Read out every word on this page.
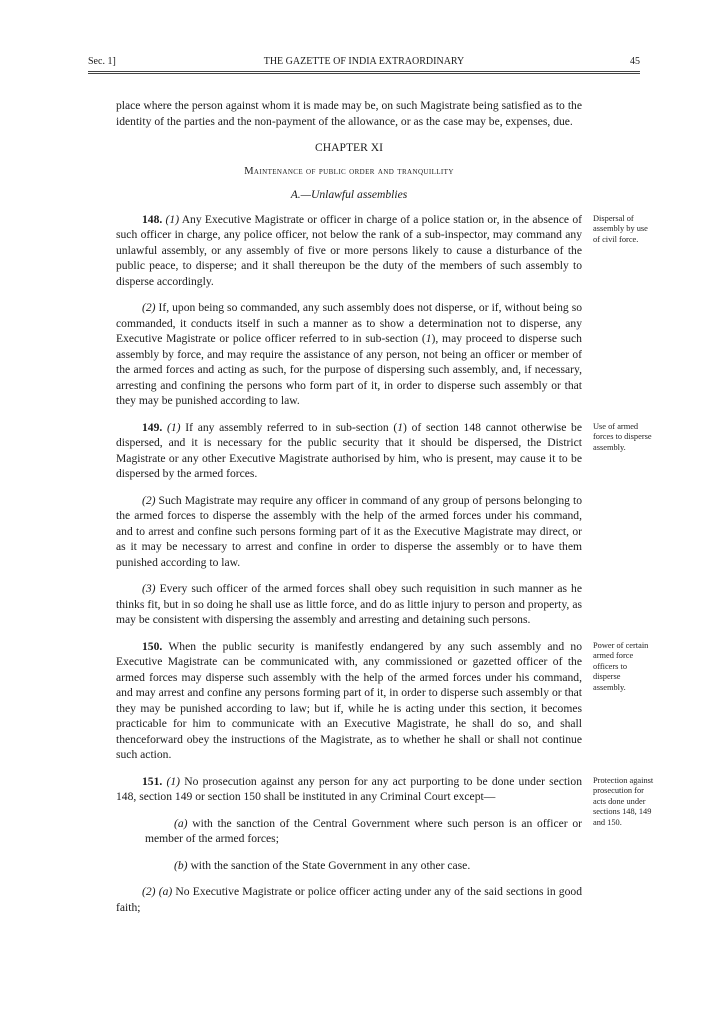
Sec. 1]	THE GAZETTE OF INDIA EXTRAORDINARY	45

place where the person against whom it is made may be, on such Magistrate being satisfied as to the identity of the parties and the non-payment of the allowance, or as the case may be, expenses, due.

CHAPTER XI

Maintenance of public order and tranquillity

A.—Unlawful assemblies

Dispersal of assembly by use of civil force.

148. (1) Any Executive Magistrate or officer in charge of a police station or, in the absence of such officer in charge, any police officer, not below the rank of a sub-inspector, may command any unlawful assembly, or any assembly of five or more persons likely to cause a disturbance of the public peace, to disperse; and it shall thereupon be the duty of the members of such assembly to disperse accordingly.

(2) If, upon being so commanded, any such assembly does not disperse, or if, without being so commanded, it conducts itself in such a manner as to show a determination not to disperse, any Executive Magistrate or police officer referred to in sub-section (1), may proceed to disperse such assembly by force, and may require the assistance of any person, not being an officer or member of the armed forces and acting as such, for the purpose of dispersing such assembly, and, if necessary, arresting and confining the persons who form part of it, in order to disperse such assembly or that they may be punished according to law.

Use of armed forces to disperse assembly.

149. (1) If any assembly referred to in sub-section (1) of section 148 cannot otherwise be dispersed, and it is necessary for the public security that it should be dispersed, the District Magistrate or any other Executive Magistrate authorised by him, who is present, may cause it to be dispersed by the armed forces.

(2) Such Magistrate may require any officer in command of any group of persons belonging to the armed forces to disperse the assembly with the help of the armed forces under his command, and to arrest and confine such persons forming part of it as the Executive Magistrate may direct, or as it may be necessary to arrest and confine in order to disperse the assembly or to have them punished according to law.

(3) Every such officer of the armed forces shall obey such requisition in such manner as he thinks fit, but in so doing he shall use as little force, and do as little injury to person and property, as may be consistent with dispersing the assembly and arresting and detaining such persons.

Power of certain armed force officers to disperse assembly.

150. When the public security is manifestly endangered by any such assembly and no Executive Magistrate can be communicated with, any commissioned or gazetted officer of the armed forces may disperse such assembly with the help of the armed forces under his command, and may arrest and confine any persons forming part of it, in order to disperse such assembly or that they may be punished according to law; but if, while he is acting under this section, it becomes practicable for him to communicate with an Executive Magistrate, he shall do so, and shall thenceforward obey the instructions of the Magistrate, as to whether he shall or shall not continue such action.

Protection against prosecution for acts done under sections 148, 149 and 150.

151. (1) No prosecution against any person for any act purporting to be done under section 148, section 149 or section 150 shall be instituted in any Criminal Court except—

(a) with the sanction of the Central Government where such person is an officer or member of the armed forces;

(b) with the sanction of the State Government in any other case.

(2) (a) No Executive Magistrate or police officer acting under any of the said sections in good faith;
